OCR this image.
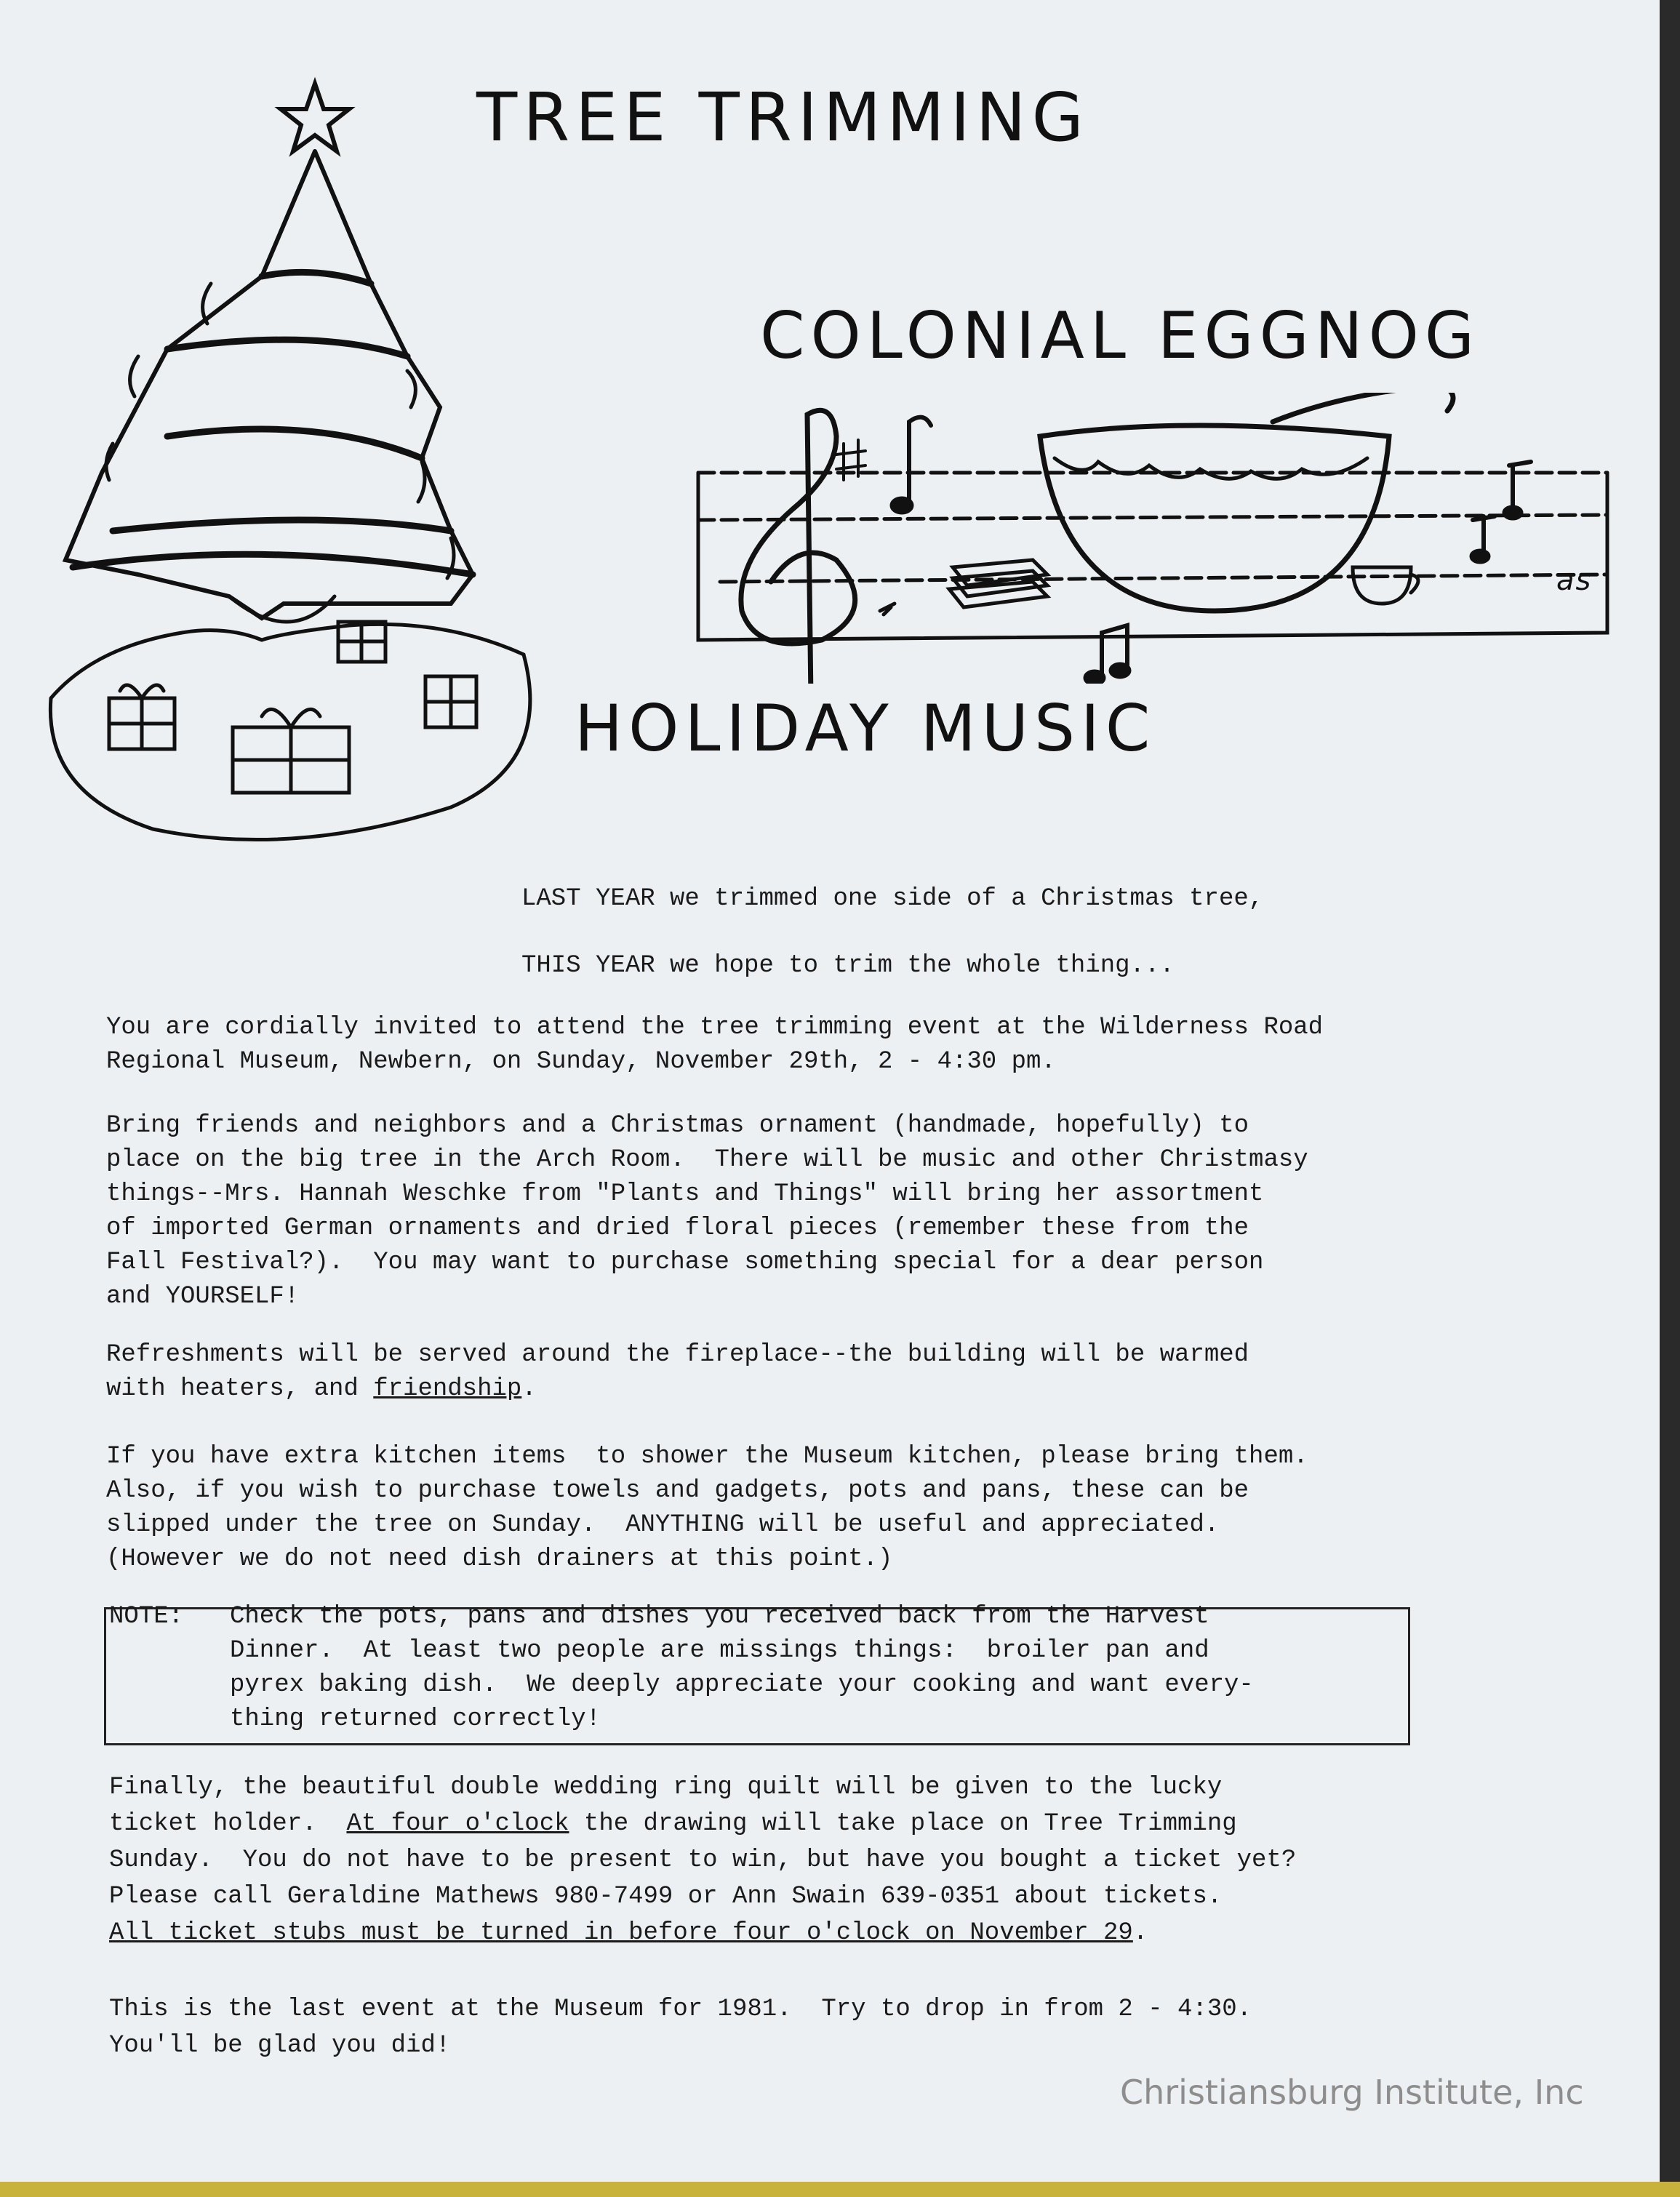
TREE TRIMMING
COLONIAL EGGNOG
HOLIDAY MUSIC
as
LAST YEAR we trimmed one side of a Christmas tree,
THIS YEAR we hope to trim the whole thing...
You are cordially invited to attend the tree trimming event at the Wilderness Road
Regional Museum, Newbern, on Sunday, November 29th, 2 - 4:30 pm.
Bring friends and neighbors and a Christmas ornament (handmade, hopefully) to
place on the big tree in the Arch Room.  There will be music and other Christmasy
things--Mrs. Hannah Weschke from "Plants and Things" will bring her assortment
of imported German ornaments and dried floral pieces (remember these from the
Fall Festival?).  You may want to purchase something special for a dear person
and YOURSELF!
Refreshments will be served around the fireplace--the building will be warmed
with heaters, and friendship.
If you have extra kitchen items  to shower the Museum kitchen, please bring them.
Also, if you wish to purchase towels and gadgets, pots and pans, these can be
slipped under the tree on Sunday.  ANYTHING will be useful and appreciated.
(However we do not need dish drainers at this point.)
NOTE: Check the pots, pans and dishes you received back from the Harvest
Dinner.  At least two people are missings things:  broiler pan and
pyrex baking dish.  We deeply appreciate your cooking and want every-
thing returned correctly!
Finally, the beautiful double wedding ring quilt will be given to the lucky
ticket holder.  At four o'clock the drawing will take place on Tree Trimming
Sunday.  You do not have to be present to win, but have you bought a ticket yet?
Please call Geraldine Mathews 980-7499 or Ann Swain 639-0351 about tickets.
All ticket stubs must be turned in before four o'clock on November 29.
This is the last event at the Museum for 1981.  Try to drop in from 2 - 4:30.
You'll be glad you did!
Christiansburg Institute, Inc
